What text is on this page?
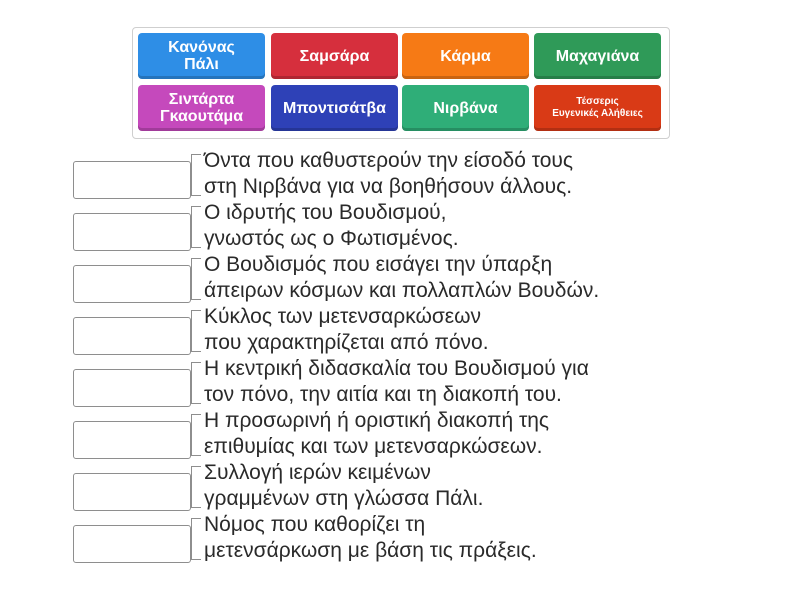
Κανόνας
Πάλι	Σαμσάρα	Κάρμα	Μαχαγιάνα
Σιντάρτα
Γκαουτάμα	Μποντισάτβα	Νιρβάνα	Τέσσερις
Ευγενικές Αλήθειες
Όντα που καθυστερούν την είσοδό τους
στη Νιρβάνα για να βοηθήσουν άλλους.
Ο ιδρυτής του Βουδισμού,
γνωστός ως ο Φωτισμένος.
Ο Βουδισμός που εισάγει την ύπαρξη
άπειρων κόσμων και πολλαπλών Βουδών.
Κύκλος των μετενσαρκώσεων
που χαρακτηρίζεται από πόνο.
Η κεντρική διδασκαλία του Βουδισμού για
τον πόνο, την αιτία και τη διακοπή του.
Η προσωρινή ή οριστική διακοπή της
επιθυμίας και των μετενσαρκώσεων.
Συλλογή ιερών κειμένων
γραμμένων στη γλώσσα Πάλι.
Νόμος που καθορίζει τη
μετενσάρκωση με βάση τις πράξεις.
